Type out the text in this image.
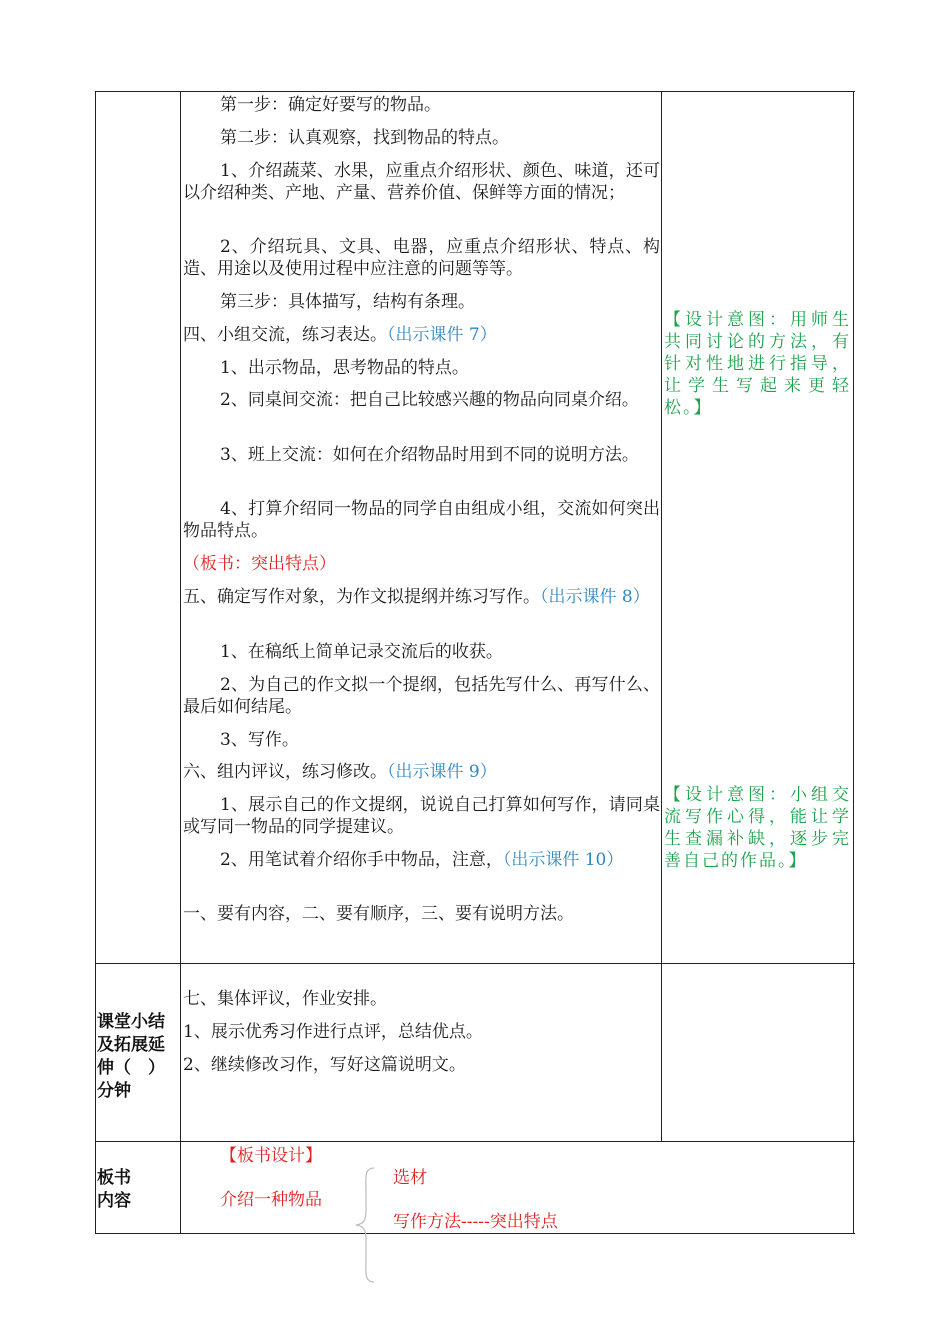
第一步：确定好要写的物品。
第二步：认真观察，找到物品的特点。
1、介绍蔬菜、水果，应重点介绍形状、颜色、味道，还可以介绍种类、产地、产量、营养价值、保鲜等方面的情况；
2、介绍玩具、文具、电器，应重点介绍形状、特点、构造、用途以及使用过程中应注意的问题等等。
第三步：具体描写，结构有条理。
四、小组交流，练习表达。（出示课件 7）
1、出示物品，思考物品的特点。
2、同桌间交流：把自己比较感兴趣的物品向同桌介绍。
3、班上交流：如何在介绍物品时用到不同的说明方法。
4、打算介绍同一物品的同学自由组成小组，交流如何突出物品特点。
（板书：突出特点）
五、确定写作对象，为作文拟提纲并练习写作。（出示课件 8）
1、在稿纸上简单记录交流后的收获。
2、为自己的作文拟一个提纲，包括先写什么、再写什么、最后如何结尾。
3、写作。
六、组内评议，练习修改。（出示课件 9）
1、展示自己的作文提纲，说说自己打算如何写作，请同桌或写同一物品的同学提建议。
2、用笔试着介绍你手中物品，注意，（出示课件 10）
一、要有内容，二、要有顺序，三、要有说明方法。
【设计意图：用师生共同讨论的方法，有针对性地进行指导，让学生写起来更轻松。】
【设计意图：小组交流写作心得，能让学生查漏补缺，逐步完善自己的作品。】
课堂小结及拓展延伸（　）分钟
七、集体评议，作业安排。
1、展示优秀习作进行点评，总结优点。
2、继续修改习作，写好这篇说明文。
板书内容
【板书设计】
介绍一种物品
选材
写作方法-----突出特点
